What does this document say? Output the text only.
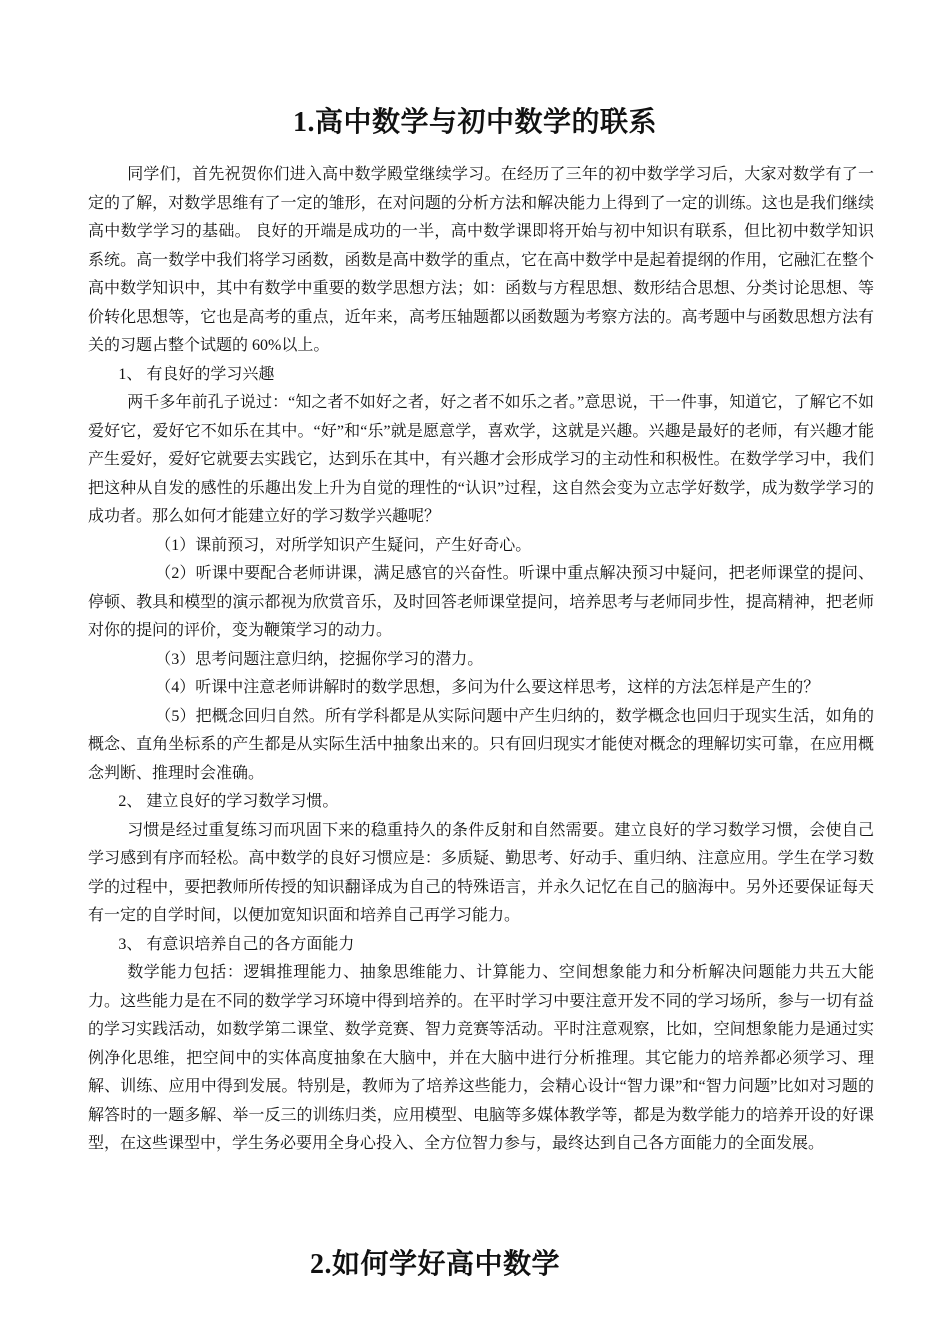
1.高中数学与初中数学的联系

同学们，首先祝贺你们进入高中数学殿堂继续学习。在经历了三年的初中数学学习后，大家对数学有了一定的了解，对数学思维有了一定的雏形，在对问题的分析方法和解决能力上得到了一定的训练。这也是我们继续高中数学学习的基础。 良好的开端是成功的一半，高中数学课即将开始与初中知识有联系，但比初中数学知识系统。高一数学中我们将学习函数，函数是高中数学的重点，它在高中数学中是起着提纲的作用，它融汇在整个高中数学知识中，其中有数学中重要的数学思想方法；如：函数与方程思想、数形结合思想、分类讨论思想、等价转化思想等，它也是高考的重点，近年来，高考压轴题都以函数题为考察方法的。高考题中与函数思想方法有关的习题占整个试题的 60%以上。

1、 有良好的学习兴趣

两千多年前孔子说过：“知之者不如好之者，好之者不如乐之者。”意思说，干一件事，知道它，了解它不如爱好它，爱好它不如乐在其中。“好”和“乐”就是愿意学，喜欢学，这就是兴趣。兴趣是最好的老师，有兴趣才能产生爱好，爱好它就要去实践它，达到乐在其中，有兴趣才会形成学习的主动性和积极性。在数学学习中，我们把这种从自发的感性的乐趣出发上升为自觉的理性的“认识”过程，这自然会变为立志学好数学，成为数学学习的成功者。那么如何才能建立好的学习数学兴趣呢？

（1）课前预习，对所学知识产生疑问，产生好奇心。

（2）听课中要配合老师讲课，满足感官的兴奋性。听课中重点解决预习中疑问，把老师课堂的提问、停顿、教具和模型的演示都视为欣赏音乐，及时回答老师课堂提问，培养思考与老师同步性，提高精神，把老师对你的提问的评价，变为鞭策学习的动力。

（3）思考问题注意归纳，挖掘你学习的潜力。

（4）听课中注意老师讲解时的数学思想，多问为什么要这样思考，这样的方法怎样是产生的？

（5）把概念回归自然。所有学科都是从实际问题中产生归纳的，数学概念也回归于现实生活，如角的概念、直角坐标系的产生都是从实际生活中抽象出来的。只有回归现实才能使对概念的理解切实可靠，在应用概念判断、推理时会准确。

2、 建立良好的学习数学习惯。

习惯是经过重复练习而巩固下来的稳重持久的条件反射和自然需要。建立良好的学习数学习惯，会使自己学习感到有序而轻松。高中数学的良好习惯应是：多质疑、勤思考、好动手、重归纳、注意应用。学生在学习数学的过程中，要把教师所传授的知识翻译成为自己的特殊语言，并永久记忆在自己的脑海中。另外还要保证每天有一定的自学时间，以便加宽知识面和培养自己再学习能力。

3、 有意识培养自己的各方面能力

数学能力包括：逻辑推理能力、抽象思维能力、计算能力、空间想象能力和分析解决问题能力共五大能力。这些能力是在不同的数学学习环境中得到培养的。在平时学习中要注意开发不同的学习场所，参与一切有益的学习实践活动，如数学第二课堂、数学竞赛、智力竞赛等活动。平时注意观察，比如，空间想象能力是通过实例净化思维，把空间中的实体高度抽象在大脑中，并在大脑中进行分析推理。其它能力的培养都必须学习、理解、训练、应用中得到发展。特别是，教师为了培养这些能力，会精心设计“智力课”和“智力问题”比如对习题的解答时的一题多解、举一反三的训练归类，应用模型、电脑等多媒体教学等，都是为数学能力的培养开设的好课型，在这些课型中，学生务必要用全身心投入、全方位智力参与，最终达到自己各方面能力的全面发展。

2.如何学好高中数学
